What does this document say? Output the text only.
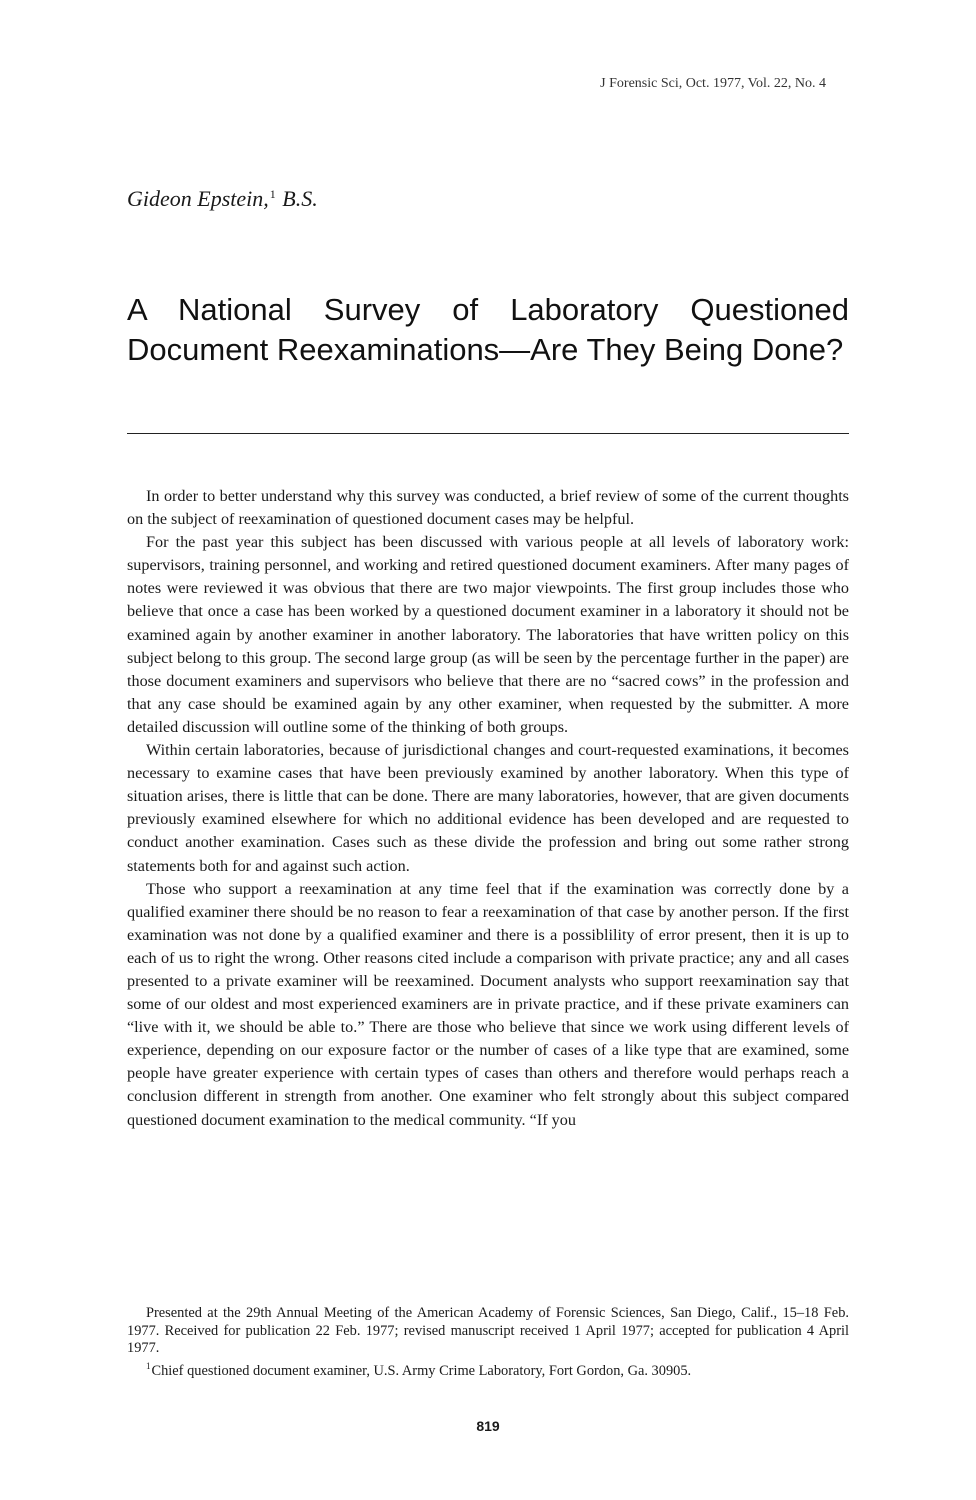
J Forensic Sci, Oct. 1977, Vol. 22, No. 4
Gideon Epstein,$^1$ B.S.
A National Survey of Laboratory Questioned
Document Reexaminations—Are They Being Done?

In order to better understand why this survey was conducted, a brief review of some of the current thoughts on the subject of reexamination of questioned document cases may be helpful.

For the past year this subject has been discussed with various people at all levels of laboratory work: supervisors, training personnel, and working and retired questioned document examiners. After many pages of notes were reviewed it was obvious that there are two major viewpoints. The first group includes those who believe that once a case has been worked by a questioned document examiner in a laboratory it should not be examined again by another examiner in another laboratory. The laboratories that have written policy on this subject belong to this group. The second large group (as will be seen by the percentage further in the paper) are those document examiners and supervisors who believe that there are no “sacred cows” in the profession and that any case should be examined again by any other examiner, when requested by the submitter. A more detailed discussion will outline some of the thinking of both groups.

Within certain laboratories, because of jurisdictional changes and court-requested examinations, it becomes necessary to examine cases that have been previously examined by another laboratory. When this type of situation arises, there is little that can be done. There are many laboratories, however, that are given documents previously examined elsewhere for which no additional evidence has been developed and are requested to conduct another examination. Cases such as these divide the profession and bring out some rather strong statements both for and against such action.

Those who support a reexamination at any time feel that if the examination was correctly done by a qualified examiner there should be no reason to fear a reexamination of that case by another person. If the first examination was not done by a qualified examiner and there is a possiblility of error present, then it is up to each of us to right the wrong. Other reasons cited include a comparison with private practice; any and all cases presented to a private examiner will be reexamined. Document analysts who support reexamination say that some of our oldest and most experienced examiners are in private practice, and if these private examiners can “live with it, we should be able to.” There are those who believe that since we work using different levels of experience, depending on our exposure factor or the number of cases of a like type that are examined, some people have greater experience with certain types of cases than others and therefore would perhaps reach a conclusion different in strength from another. One examiner who felt strongly about this subject compared questioned document examination to the medical community. “If you

Presented at the 29th Annual Meeting of the American Academy of Forensic Sciences, San Diego, Calif., 15–18 Feb. 1977. Received for publication 22 Feb. 1977; revised manuscript received 1 April 1977; accepted for publication 4 April 1977.

$^1$Chief questioned document examiner, U.S. Army Crime Laboratory, Fort Gordon, Ga. 30905.

819
